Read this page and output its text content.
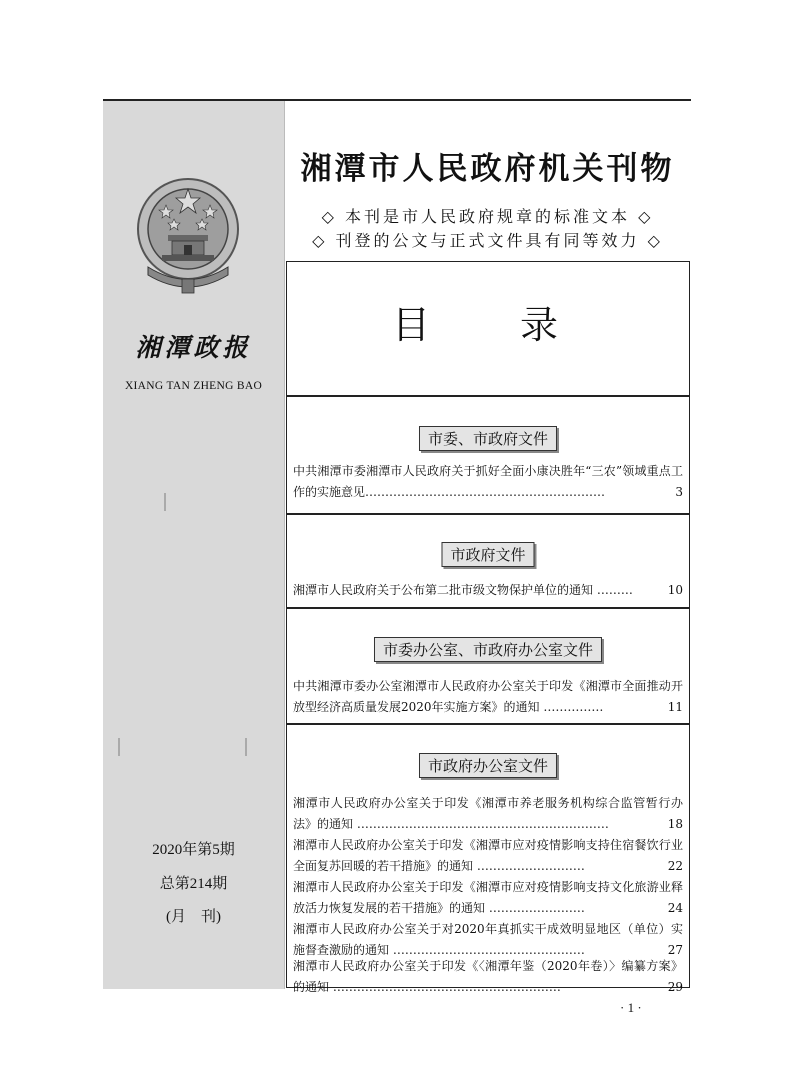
湘潭政报
XIANG TAN ZHENG BAO
2020年第5期
总第214期
(月　刊)
湘潭市人民政府机关刊物
◇ 本刊是市人民政府规章的标准文本 ◇
◇ 刊登的公文与正式文件具有同等效力 ◇
目　录
市委、市政府文件
中共湘潭市委湘潭市人民政府关于抓好全面小康决胜年“三农”领域重点工作的实施意见……………………………………………………	3
市政府文件
湘潭市人民政府关于公布第二批市级文物保护单位的通知 ………	10
市委办公室、市政府办公室文件
中共湘潭市委办公室湘潭市人民政府办公室关于印发《湘潭市全面推动开放型经济高质量发展2020年实施方案》的通知 ……………	11
市政府办公室文件
湘潭市人民政府办公室关于印发《湘潭市养老服务机构综合监管暂行办法》的通知 ………………………………………………………	18
湘潭市人民政府办公室关于印发《湘潭市应对疫情影响支持住宿餐饮行业全面复苏回暖的若干措施》的通知 ………………………	22
湘潭市人民政府办公室关于印发《湘潭市应对疫情影响支持文化旅游业释放活力恢复发展的若干措施》的通知 ……………………	24
湘潭市人民政府办公室关于对2020年真抓实干成效明显地区（单位）实施督查激励的通知 …………………………………………	27
湘潭市人民政府办公室关于印发《〈湘潭年鉴（2020年卷）〉编纂方案》的通知 …………………………………………………	29
· 1 ·
